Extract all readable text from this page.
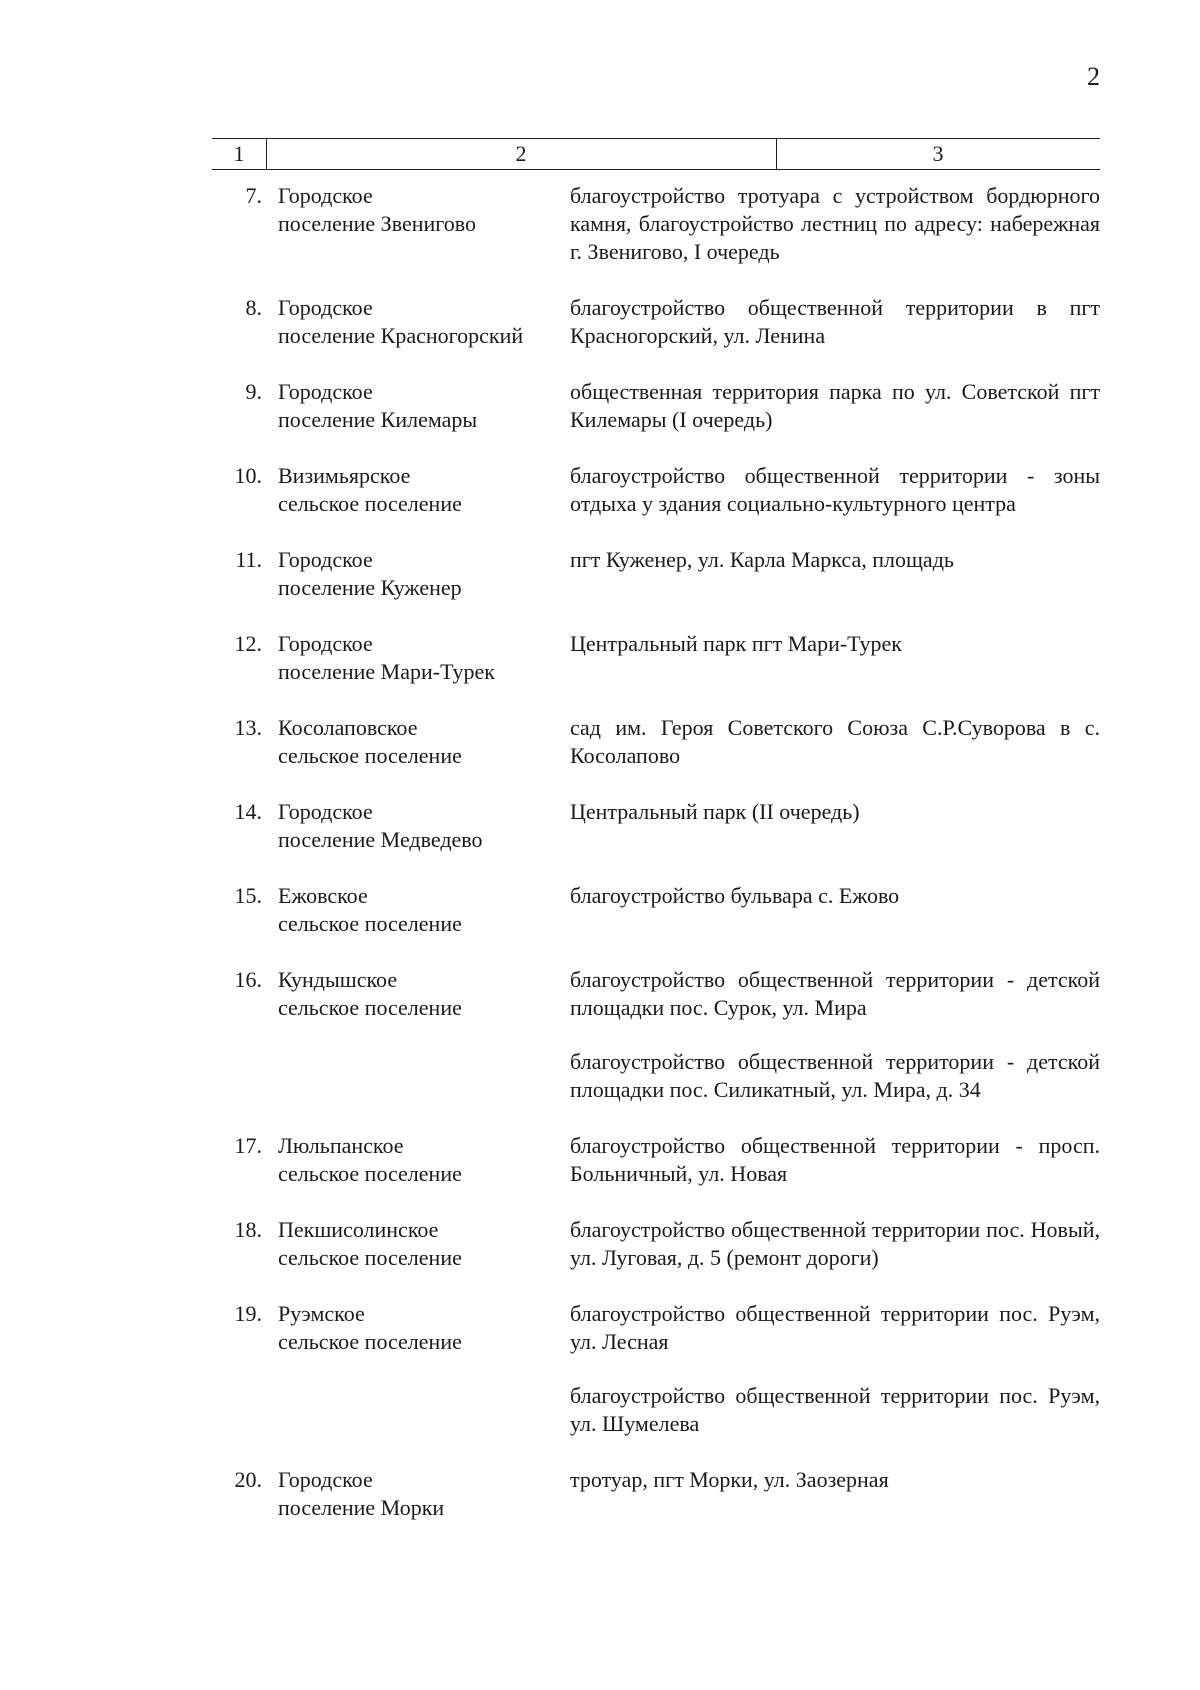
2
1	2	3
7. Городское
поселение Звенигово

благоустройство тротуара с устройством бордюрного камня, благоустройство лестниц по адресу: набережная г. Звенигово, I очередь

8. Городское
поселение Красногорский

благоустройство общественной территории в пгт Красногорский, ул. Ленина

9. Городское
поселение Килемары

общественная территория парка по ул. Советской пгт Килемары (I очередь)

10. Визимьярское
сельское поселение

благоустройство общественной территории - зоны отдыха у здания социально-культурного центра

11. Городское
поселение Куженер

пгт Куженер, ул. Карла Маркса, площадь

12. Городское
поселение Мари-Турек

Центральный парк пгт Мари-Турек

13. Косолаповское
сельское поселение

сад им. Героя Советского Союза С.Р.Суворова в с. Косолапово

14. Городское
поселение Медведево

Центральный парк (II очередь)

15. Ежовское
сельское поселение

благоустройство бульвара с. Ежово

16. Кундышское
сельское поселение

благоустройство общественной территории - детской площадки пос. Сурок, ул. Мира

благоустройство общественной территории - детской площадки пос. Силикатный, ул. Мира, д. 34

17. Люльпанское
сельское поселение

благоустройство общественной территории - просп. Больничный, ул. Новая

18. Пекшисолинское
сельское поселение

благоустройство общественной территории пос. Новый, ул. Луговая, д. 5 (ремонт дороги)

19. Руэмское
сельское поселение

благоустройство общественной территории пос. Руэм, ул. Лесная

благоустройство общественной территории пос. Руэм, ул. Шумелева

20. Городское
поселение Морки

тротуар, пгт Морки, ул. Заозерная
